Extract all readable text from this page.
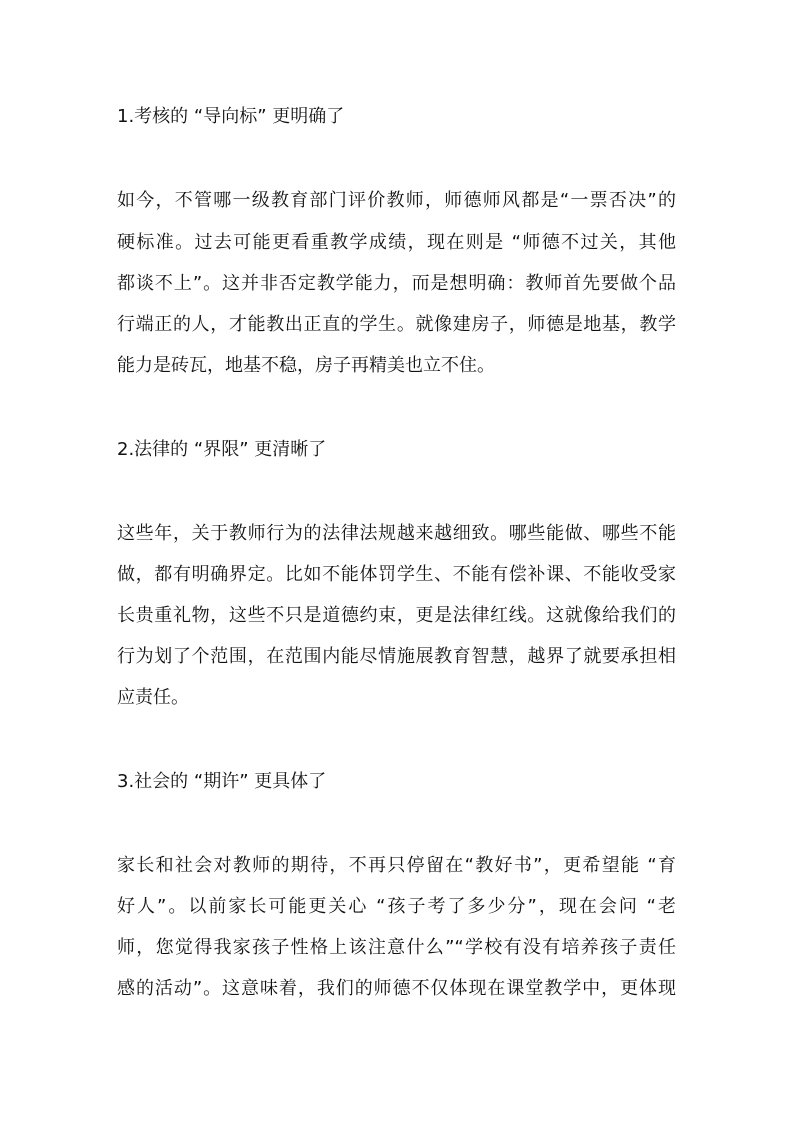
1.考核的 “导向标” 更明确了
如今，不管哪一级教育部门评价教师，师德师风都是“一票否决”的
硬标准。过去可能更看重教学成绩，现在则是 “师德不过关，其他
都谈不上”。这并非否定教学能力，而是想明确：教师首先要做个品
行端正的人，才能教出正直的学生。就像建房子，师德是地基，教学
能力是砖瓦，地基不稳，房子再精美也立不住。
2.法律的 “界限” 更清晰了
这些年，关于教师行为的法律法规越来越细致。哪些能做、哪些不能
做，都有明确界定。比如不能体罚学生、不能有偿补课、不能收受家
长贵重礼物，这些不只是道德约束，更是法律红线。这就像给我们的
行为划了个范围，在范围内能尽情施展教育智慧，越界了就要承担相
应责任。
3.社会的 “期许” 更具体了
家长和社会对教师的期待，不再只停留在“教好书”，更希望能 “育
好人”。以前家长可能更关心 “孩子考了多少分”，现在会问 “老
师，您觉得我家孩子性格上该注意什么”“学校有没有培养孩子责任
感的活动”。这意味着，我们的师德不仅体现在课堂教学中，更体现
